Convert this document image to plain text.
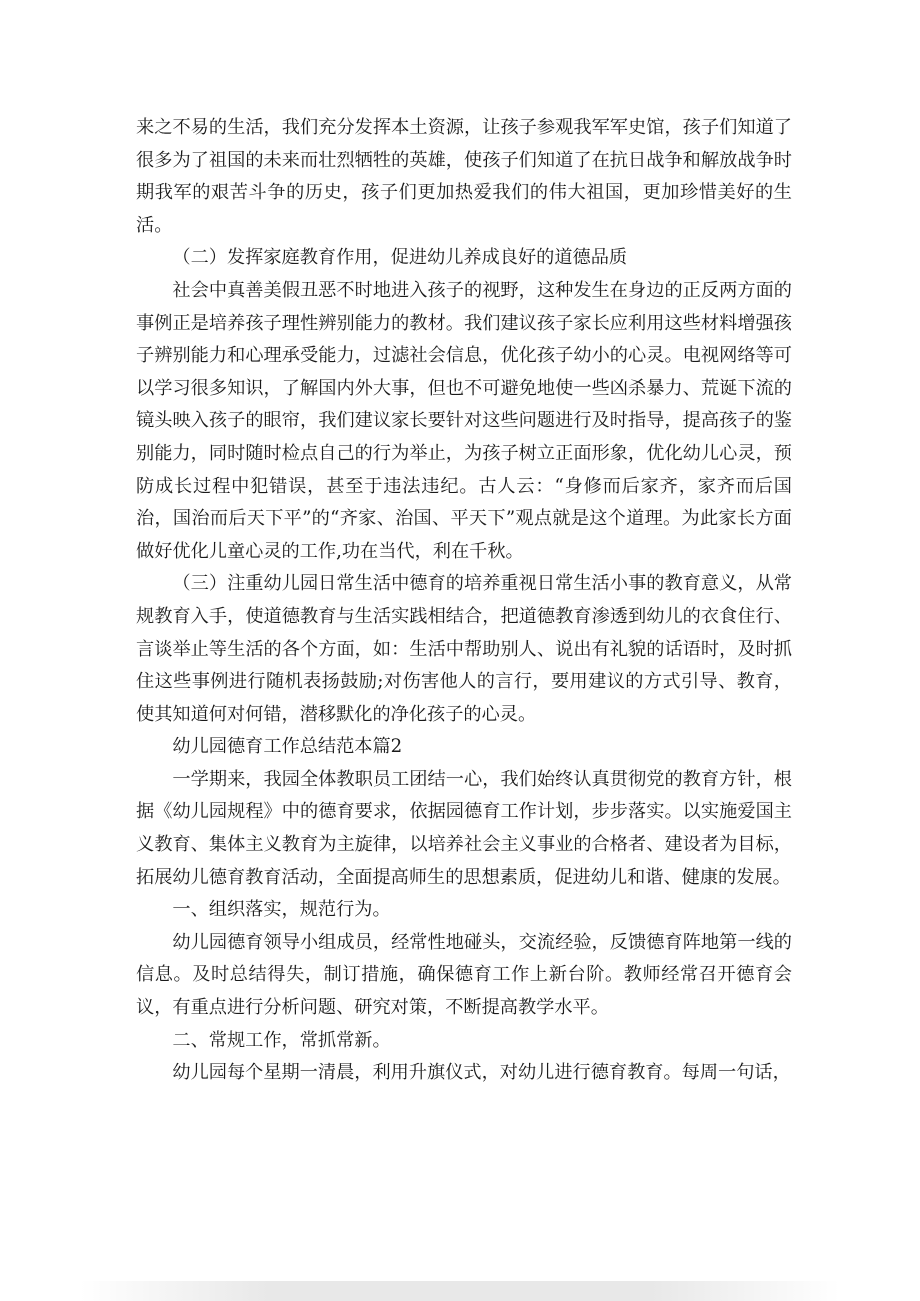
来之不易的生活，我们充分发挥本土资源，让孩子参观我军军史馆，孩子们知道了很多为了祖国的未来而壮烈牺牲的英雄，使孩子们知道了在抗日战争和解放战争时期我军的艰苦斗争的历史，孩子们更加热爱我们的伟大祖国，更加珍惜美好的生活。

（二）发挥家庭教育作用，促进幼儿养成良好的道德品质

社会中真善美假丑恶不时地进入孩子的视野，这种发生在身边的正反两方面的事例正是培养孩子理性辨别能力的教材。我们建议孩子家长应利用这些材料增强孩子辨别能力和心理承受能力，过滤社会信息，优化孩子幼小的心灵。电视网络等可以学习很多知识，了解国内外大事，但也不可避免地使一些凶杀暴力、荒诞下流的镜头映入孩子的眼帘，我们建议家长要针对这些问题进行及时指导，提高孩子的鉴别能力，同时随时检点自己的行为举止，为孩子树立正面形象，优化幼儿心灵，预防成长过程中犯错误，甚至于违法违纪。古人云：“身修而后家齐，家齐而后国治，国治而后天下平”的“齐家、治国、平天下”观点就是这个道理。为此家长方面做好优化儿童心灵的工作,功在当代，利在千秋。

（三）注重幼儿园日常生活中德育的培养重视日常生活小事的教育意义，从常规教育入手，使道德教育与生活实践相结合，把道德教育渗透到幼儿的衣食住行、言谈举止等生活的各个方面，如：生活中帮助别人、说出有礼貌的话语时，及时抓住这些事例进行随机表扬鼓励;对伤害他人的言行，要用建议的方式引导、教育，使其知道何对何错，潜移默化的净化孩子的心灵。

幼儿园德育工作总结范本篇2

一学期来，我园全体教职员工团结一心，我们始终认真贯彻党的教育方针，根据《幼儿园规程》中的德育要求，依据园德育工作计划，步步落实。以实施爱国主义教育、集体主义教育为主旋律，以培养社会主义事业的合格者、建设者为目标，拓展幼儿德育教育活动，全面提高师生的思想素质，促进幼儿和谐、健康的发展。

一、组织落实，规范行为。

幼儿园德育领导小组成员，经常性地碰头，交流经验，反馈德育阵地第一线的信息。及时总结得失，制订措施，确保德育工作上新台阶。教师经常召开德育会议，有重点进行分析问题、研究对策，不断提高教学水平。

二、常规工作，常抓常新。

幼儿园每个星期一清晨，利用升旗仪式，对幼儿进行德育教育。每周一句话，
